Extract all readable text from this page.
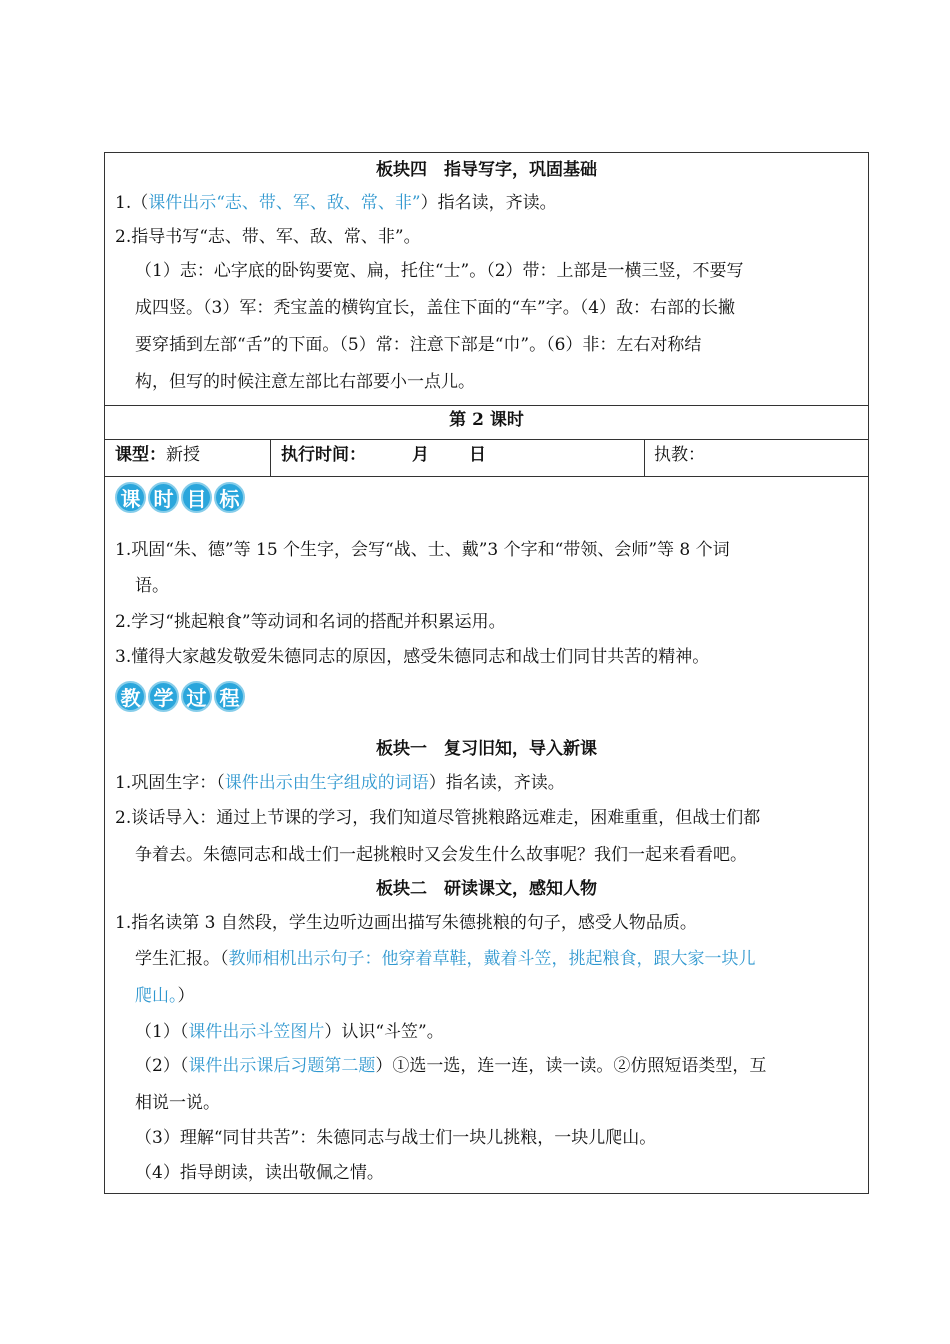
板块四　指导写字，巩固基础
1.（课件出示“志、带、军、敌、常、非”）指名读，齐读。
2.指导书写“志、带、军、敌、常、非”。
（1）志：心字底的卧钩要宽、扁，托住“士”。（2）带：上部是一横三竖，不要写
成四竖。（3）军：秃宝盖的横钩宜长，盖住下面的“车”字。（4）敌：右部的长撇
要穿插到左部“舌”的下面。（5）常：注意下部是“巾”。（6）非：左右对称结
构，但写的时候注意左部比右部要小一点儿。
第 2 课时
课型：新授	执行时间：	月 日	执教：
课 时 目 标
1.巩固“朱、德”等 15 个生字，会写“战、士、戴”3 个字和“带领、会师”等 8 个词
语。
2.学习“挑起粮食”等动词和名词的搭配并积累运用。
3.懂得大家越发敬爱朱德同志的原因，感受朱德同志和战士们同甘共苦的精神。
教 学 过 程
板块一　复习旧知，导入新课
1.巩固生字：（课件出示由生字组成的词语）指名读，齐读。
2.谈话导入：通过上节课的学习，我们知道尽管挑粮路远难走，困难重重，但战士们都
争着去。朱德同志和战士们一起挑粮时又会发生什么故事呢？我们一起来看看吧。
板块二　研读课文，感知人物
1.指名读第 3 自然段，学生边听边画出描写朱德挑粮的句子，感受人物品质。
学生汇报。（教师相机出示句子：他穿着草鞋，戴着斗笠，挑起粮食，跟大家一块儿
爬山。）
（1）（课件出示斗笠图片）认识“斗笠”。
（2）（课件出示课后习题第二题）①选一选，连一连，读一读。②仿照短语类型，互
相说一说。
（3）理解“同甘共苦”：朱德同志与战士们一块儿挑粮，一块儿爬山。
（4）指导朗读，读出敬佩之情。
